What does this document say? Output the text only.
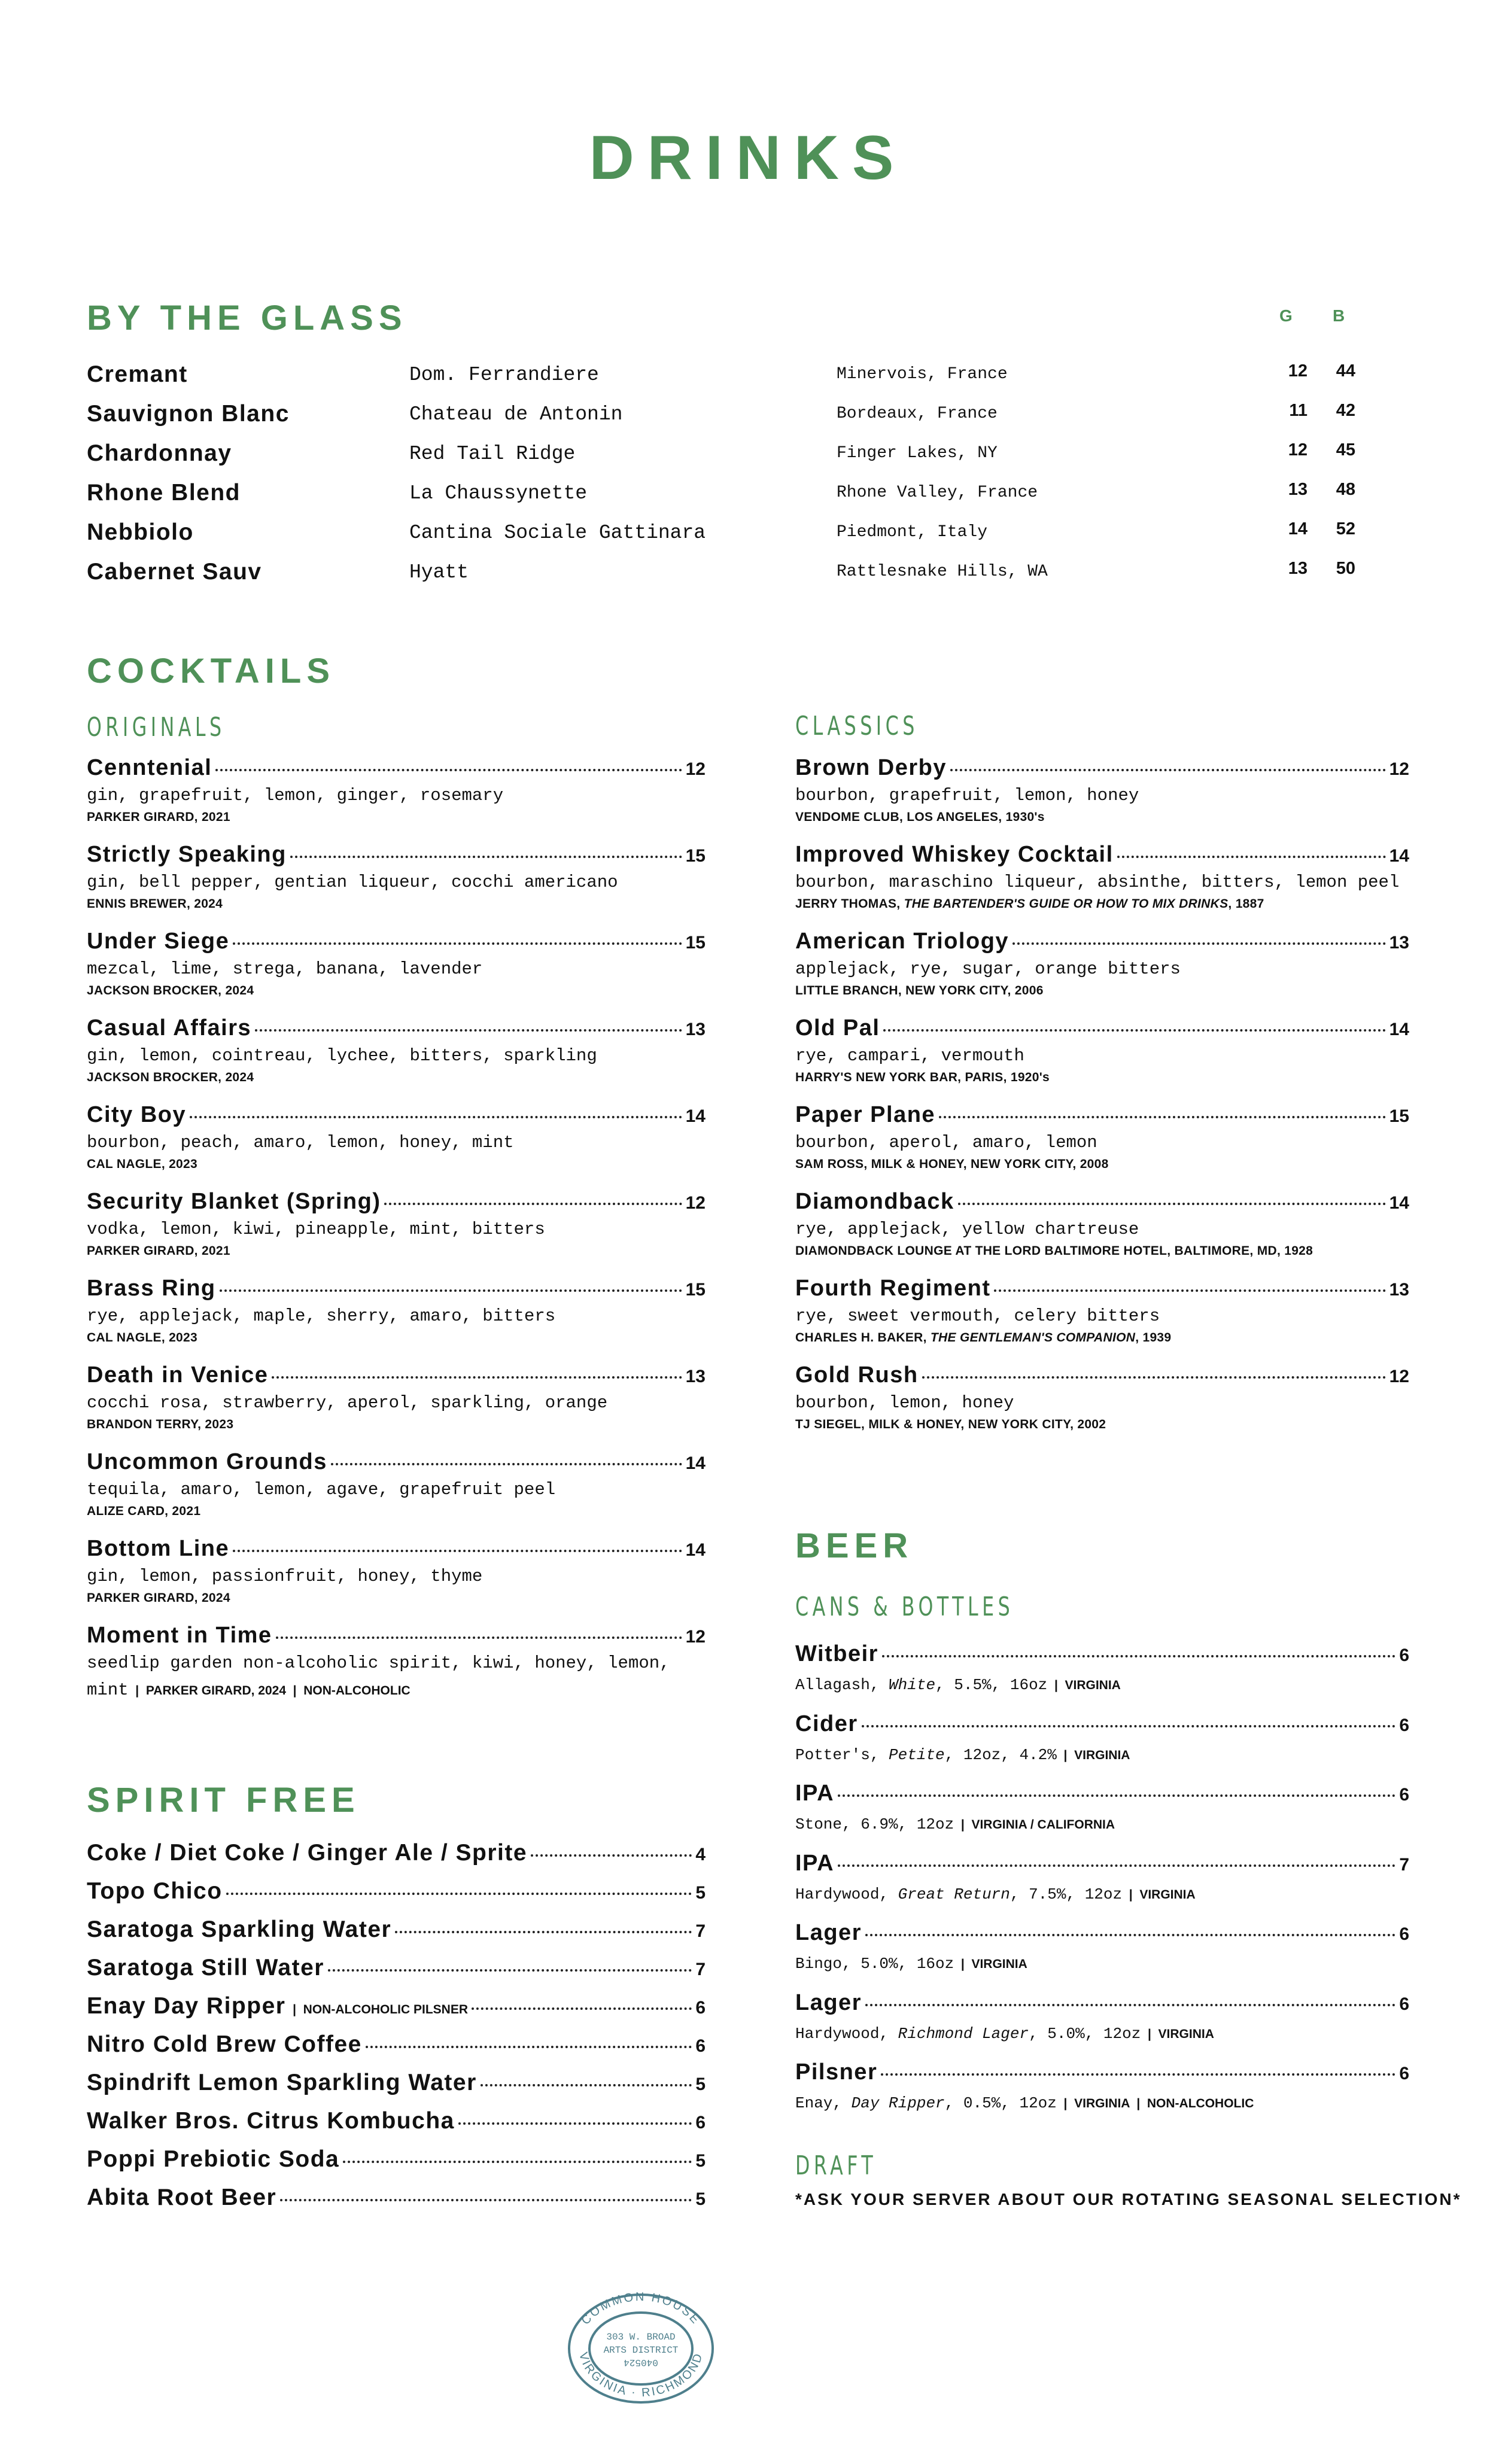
DRINKS
BY THE GLASS	G B
Cremant	Dom. Ferrandiere	Minervois, France	12 44
Sauvignon Blanc	Chateau de Antonin	Bordeaux, France	11 42
Chardonnay	Red Tail Ridge	Finger Lakes, NY	12 45
Rhone Blend	La Chaussynette	Rhone Valley, France	13 48
Nebbiolo	Cantina Sociale Gattinara	Piedmont, Italy	14 52
Cabernet Sauv	Hyatt	Rattlesnake Hills, WA	13 50
COCKTAILS
ORIGINALS	CLASSICS
Cenntenial	12
gin, grapefruit, lemon, ginger, rosemary
PARKER GIRARD, 2021
Strictly Speaking	15
gin, bell pepper, gentian liqueur, cocchi americano
ENNIS BREWER, 2024
Under Siege	15
mezcal, lime, strega, banana, lavender
JACKSON BROCKER, 2024
Casual Affairs	13
gin, lemon, cointreau, lychee, bitters, sparkling
JACKSON BROCKER, 2024
City Boy	14
bourbon, peach, amaro, lemon, honey, mint
CAL NAGLE, 2023
Security Blanket (Spring)	12
vodka, lemon, kiwi, pineapple, mint, bitters
PARKER GIRARD, 2021
Brass Ring	15
rye, applejack, maple, sherry, amaro, bitters
CAL NAGLE, 2023
Death in Venice	13
cocchi rosa, strawberry, aperol, sparkling, orange
BRANDON TERRY, 2023
Uncommon Grounds	14
tequila, amaro, lemon, agave, grapefruit peel
ALIZE CARD, 2021
Bottom Line	14
gin, lemon, passionfruit, honey, thyme
PARKER GIRARD, 2024
Moment in Time	12
seedlip garden non-alcoholic spirit, kiwi, honey, lemon, mint  |  PARKER GIRARD, 2024  |  NON-ALCOHOLIC
Brown Derby	12
bourbon, grapefruit, lemon, honey
VENDOME CLUB, LOS ANGELES, 1930's
Improved Whiskey Cocktail	14
bourbon, maraschino liqueur, absinthe, bitters, lemon peel
JERRY THOMAS, THE BARTENDER'S GUIDE OR HOW TO MIX DRINKS, 1887
American Triology	13
applejack, rye, sugar, orange bitters
LITTLE BRANCH, NEW YORK CITY, 2006
Old Pal	14
rye, campari, vermouth
HARRY'S NEW YORK BAR, PARIS, 1920's
Paper Plane	15
bourbon, aperol, amaro, lemon
SAM ROSS, MILK & HONEY, NEW YORK CITY, 2008
Diamondback	14
rye, applejack, yellow chartreuse
DIAMONDBACK LOUNGE AT THE LORD BALTIMORE HOTEL, BALTIMORE, MD, 1928
Fourth Regiment	13
rye, sweet vermouth, celery bitters
CHARLES H. BAKER, THE GENTLEMAN'S COMPANION, 1939
Gold Rush	12
bourbon, lemon, honey
TJ SIEGEL, MILK & HONEY, NEW YORK CITY, 2002
SPIRIT FREE
Coke / Diet Coke / Ginger Ale / Sprite	4
Topo Chico	5
Saratoga Sparkling Water	7
Saratoga Still Water	7
Enay Day Ripper | NON-ALCOHOLIC PILSNER	6
Nitro Cold Brew Coffee	6
Spindrift Lemon Sparkling Water	5
Walker Bros. Citrus Kombucha	6
Poppi Prebiotic Soda	5
Abita Root Beer	5
BEER
CANS & BOTTLES
Witbeir	6
Allagash, White, 5.5%, 16oz  |  VIRGINIA
Cider	6
Potter's, Petite, 12oz, 4.2%  |  VIRGINIA
IPA	6
Stone, 6.9%, 12oz  |  VIRGINIA / CALIFORNIA
IPA	7
Hardywood, Great Return, 7.5%, 12oz  |  VIRGINIA
Lager	6
Bingo, 5.0%, 16oz  |  VIRGINIA
Lager	6
Hardywood, Richmond Lager, 5.0%, 12oz  |  VIRGINIA
Pilsner	6
Enay, Day Ripper, 0.5%, 12oz  |  VIRGINIA  |  NON-ALCOHOLIC
DRAFT
*ASK YOUR SERVER ABOUT OUR ROTATING SEASONAL SELECTION*
COMMON HOUSE
VIRGINIA · RICHMOND
303 W. BROAD
ARTS DISTRICT
040524
